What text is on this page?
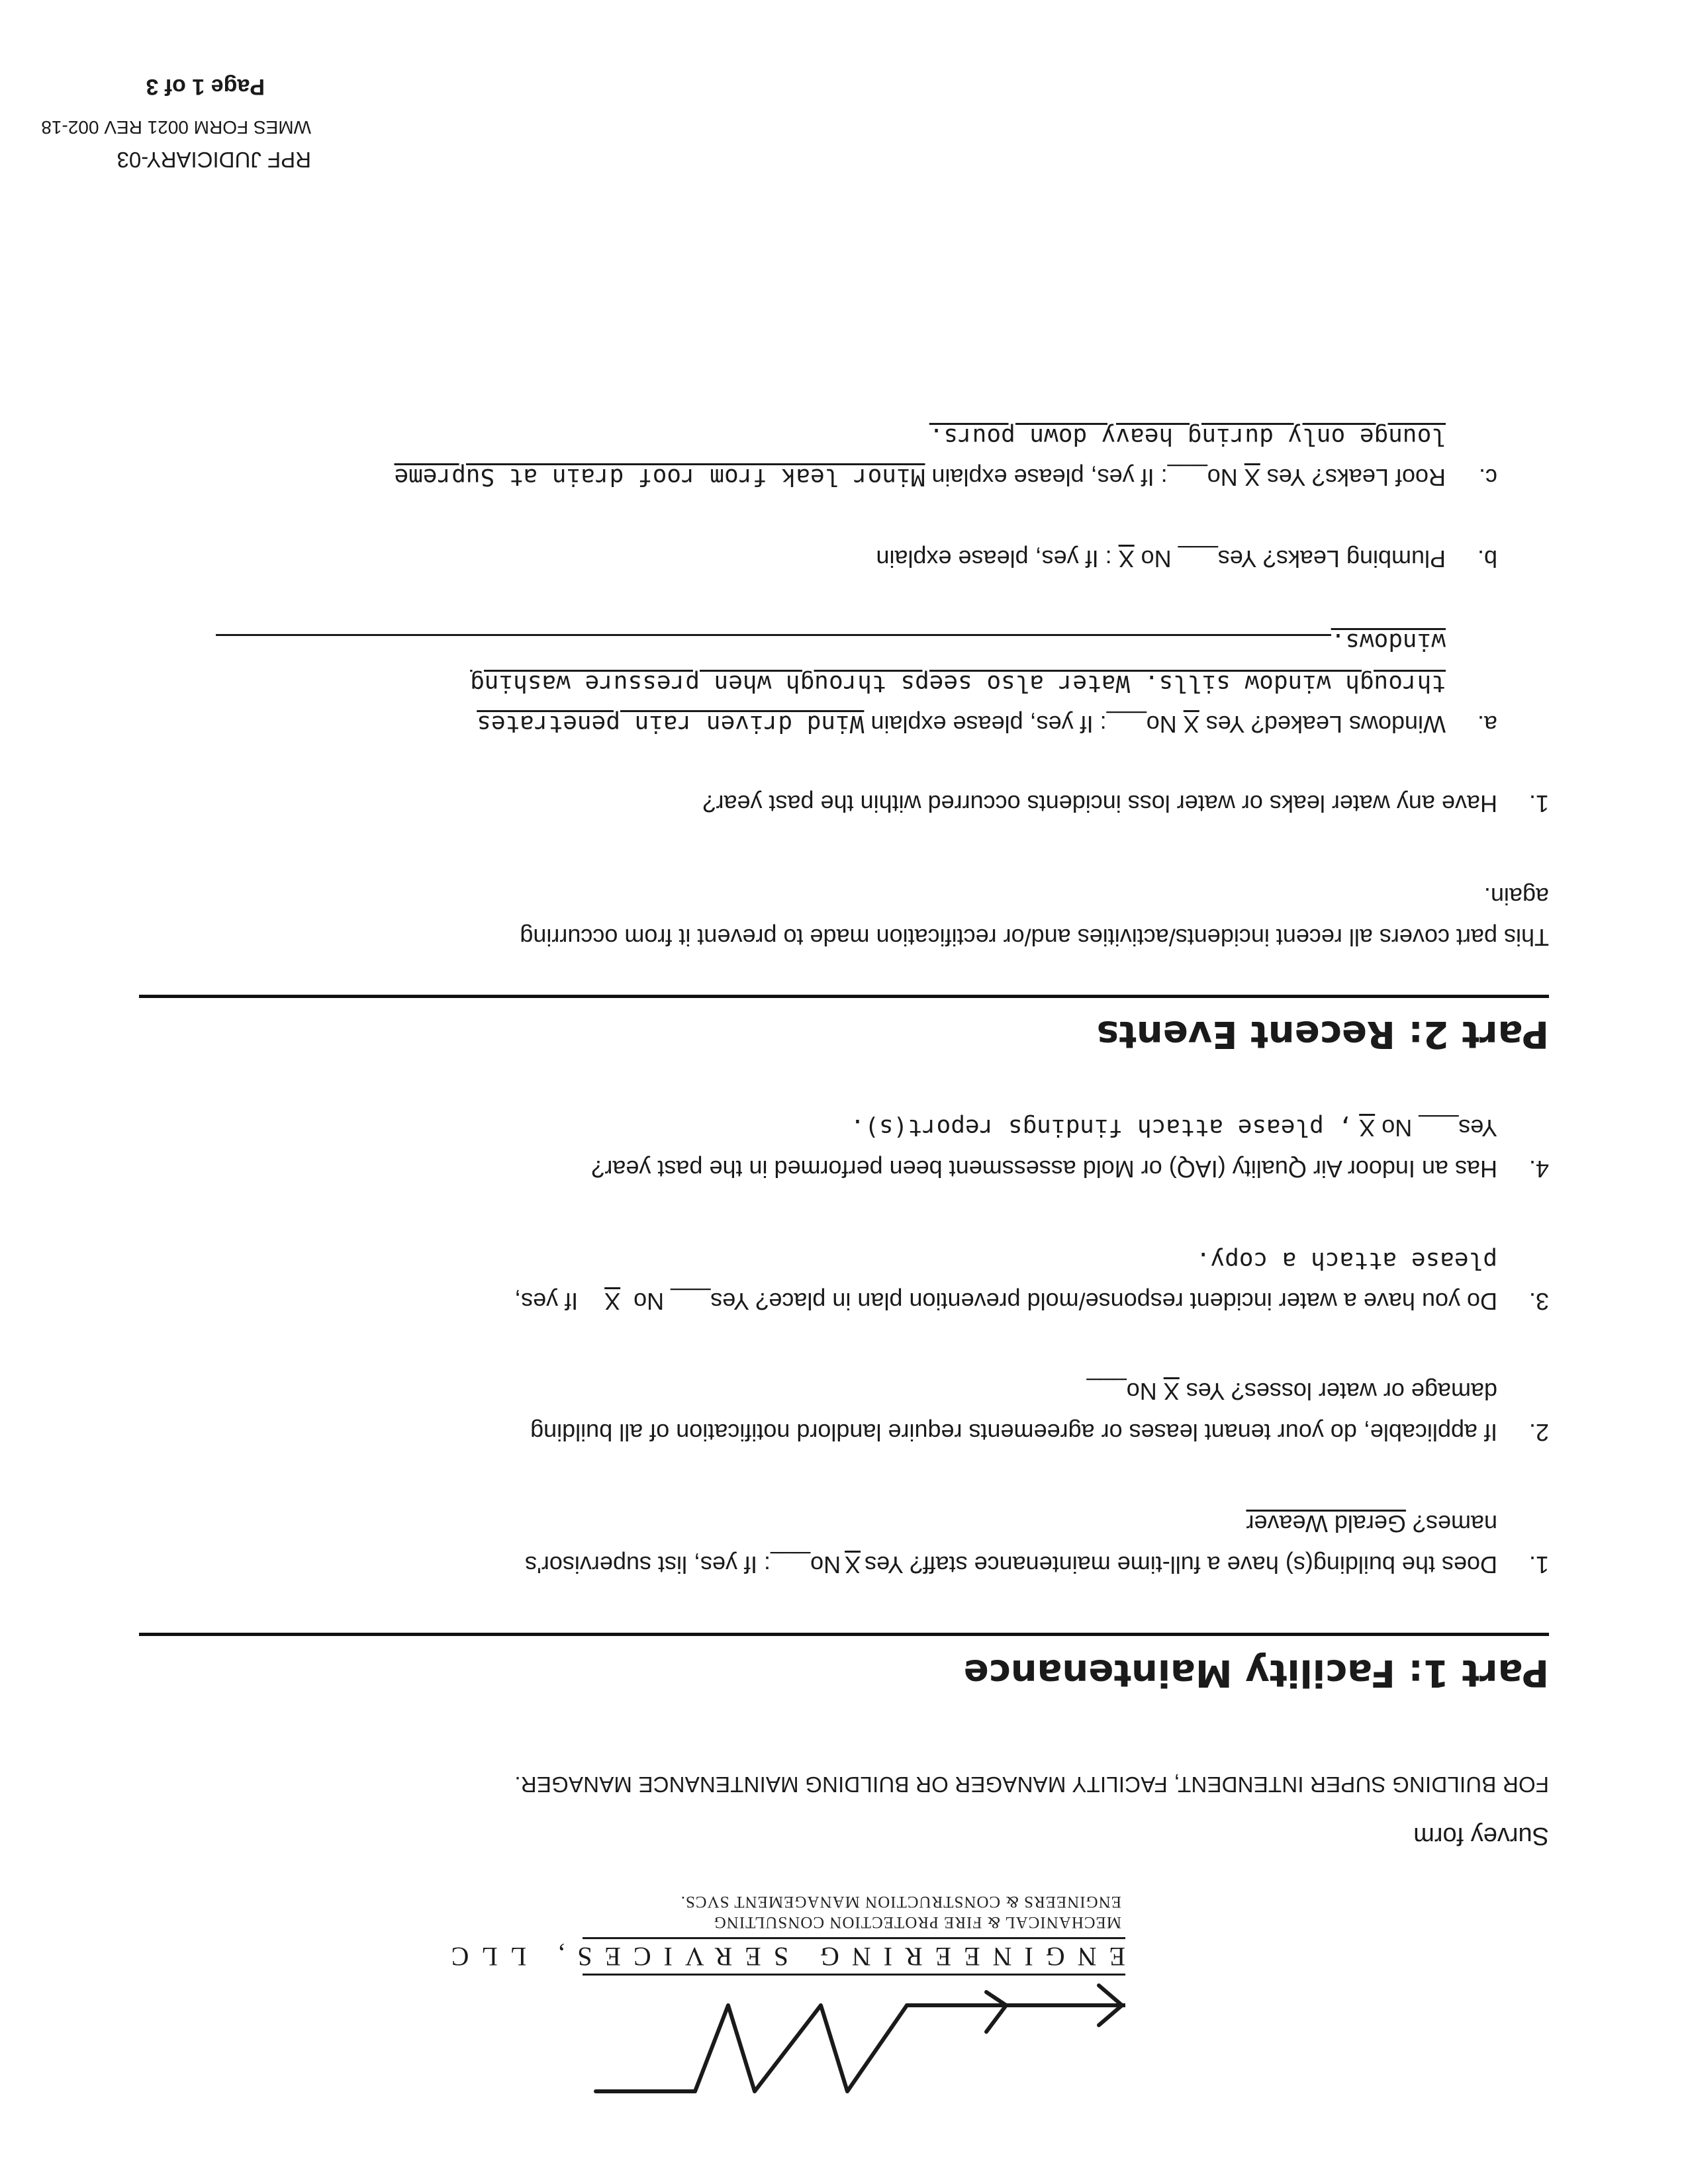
ENGINEERING SERVICES, LLC
MECHANICAL & FIRE PROTECTION CONSULTING
ENGINEERS & CONSTRUCTION MANAGEMENT SVCS.
Survey form
FOR BUILDING SUPER INTENDENT, FACILITY MANAGER OR BUILDING MAINTENANCE MANAGER.
Part 1: Facility Maintenance
1.Does the building(s) have a full-time maintenance staff? YesXNo___: If yes, list supervisor's
names? Gerald Weaver
2.If applicable, do your tenant leases or agreements require landlord notification of all building
damage or water losses? YesXNo___
3.Do you have a water incident response/mold prevention plan in place? Yes___ NoX  If yes,
please attach a copy.
4.Has an Indoor Air Quality (IAQ) or Mold assessment been performed in the past year?
Yes___ NoX, please attach findings report(s).
Part 2: Recent Events
This part covers all recent incidents/activities and/or rectification made to prevent it from occurring
again.
1.Have any water leaks or water loss incidents occurred within the past year?
a.Windows Leaked? YesXNo___: If yes, please explain Wind driven rain penetrates
through window sills. Water also seeps through when pressure washing
windows.
b.Plumbing Leaks? Yes___ NoX: If yes, please explain
c.Roof Leaks? YesXNo___: If yes, please explain Minor leak from roof drain at Supreme
lounge only during heavy down pours.
RPF JUDICIARY-03
WMES FORM 0021 REV 002-18
Page 1 of 3
